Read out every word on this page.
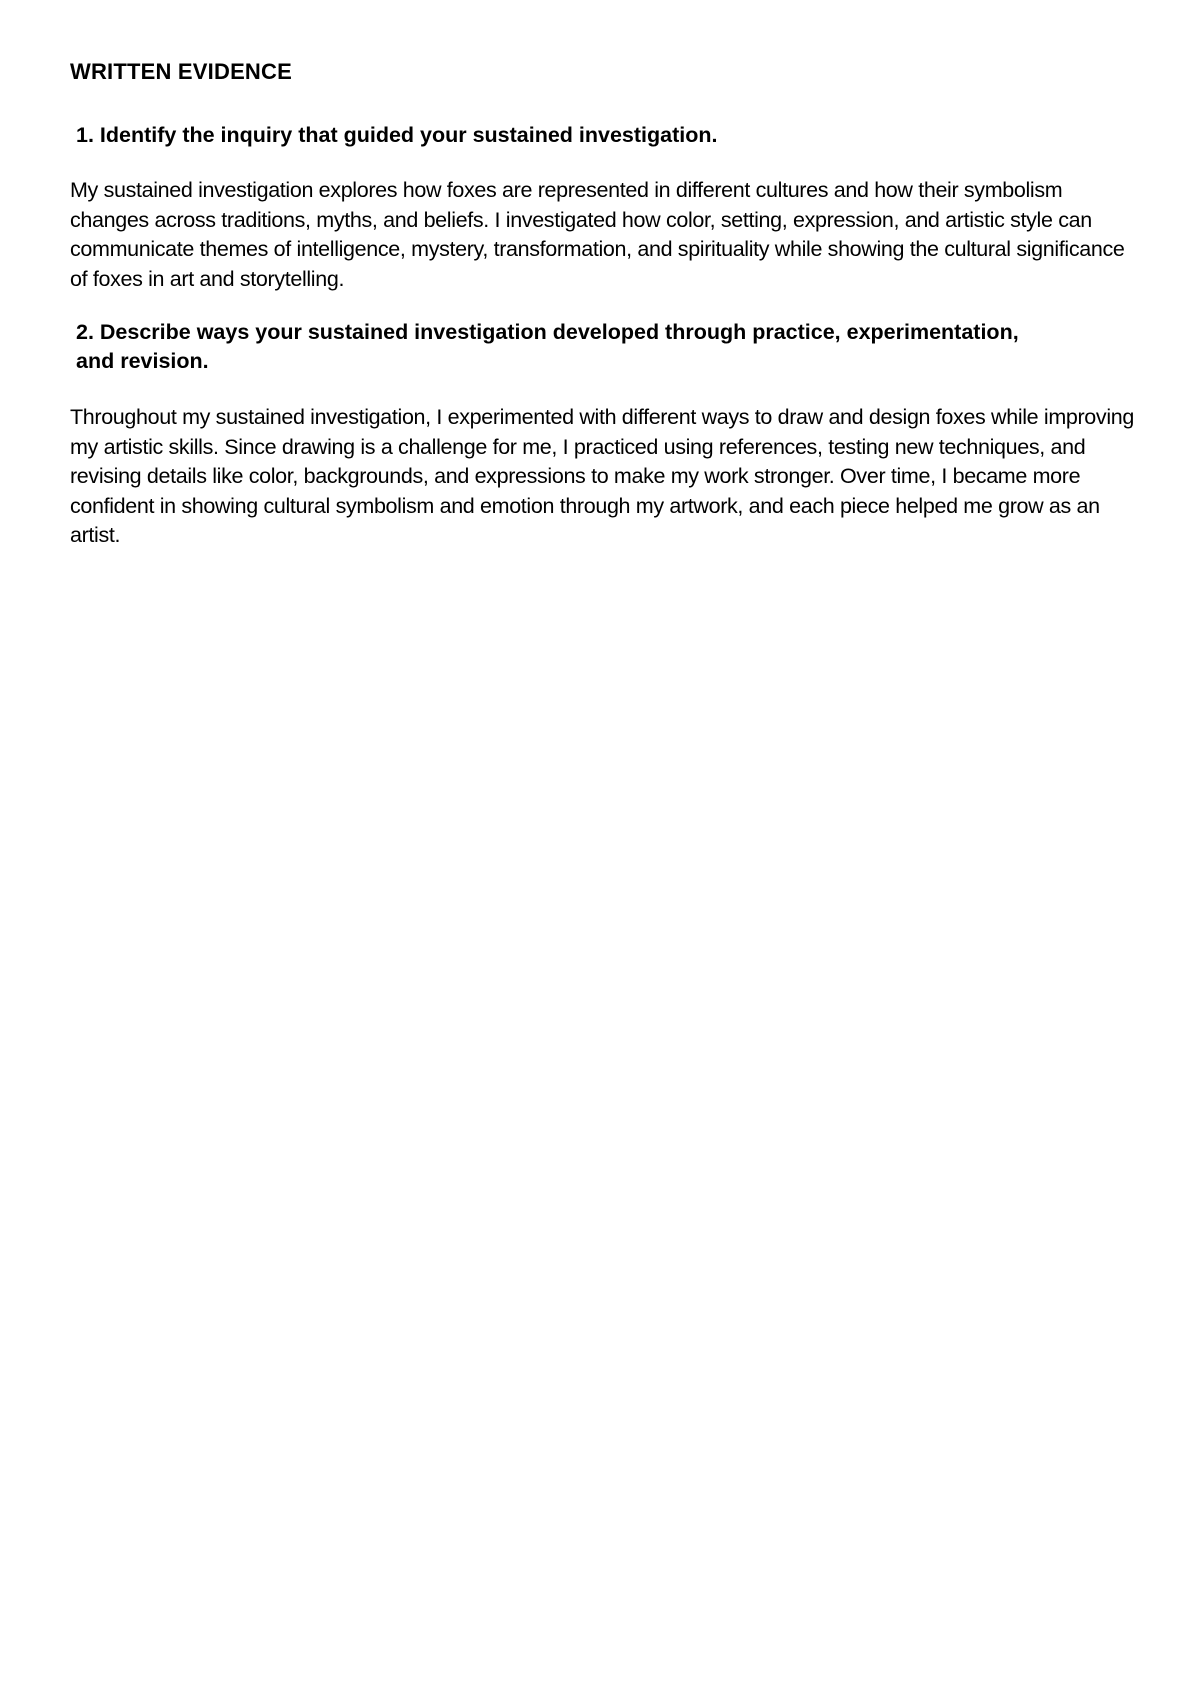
WRITTEN EVIDENCE
1. Identify the inquiry that guided your sustained investigation.

My sustained investigation explores how foxes are represented in different cultures and how their symbolism changes across traditions, myths, and beliefs. I investigated how color, setting, expression, and artistic style can communicate themes of intelligence, mystery, transformation, and spirituality while showing the cultural significance of foxes in art and storytelling.

2. Describe ways your sustained investigation developed through practice, experimentation, and revision.

Throughout my sustained investigation, I experimented with different ways to draw and design foxes while improving my artistic skills. Since drawing is a challenge for me, I practiced using references, testing new techniques, and revising details like color, backgrounds, and expressions to make my work stronger. Over time, I became more confident in showing cultural symbolism and emotion through my artwork, and each piece helped me grow as an artist.
